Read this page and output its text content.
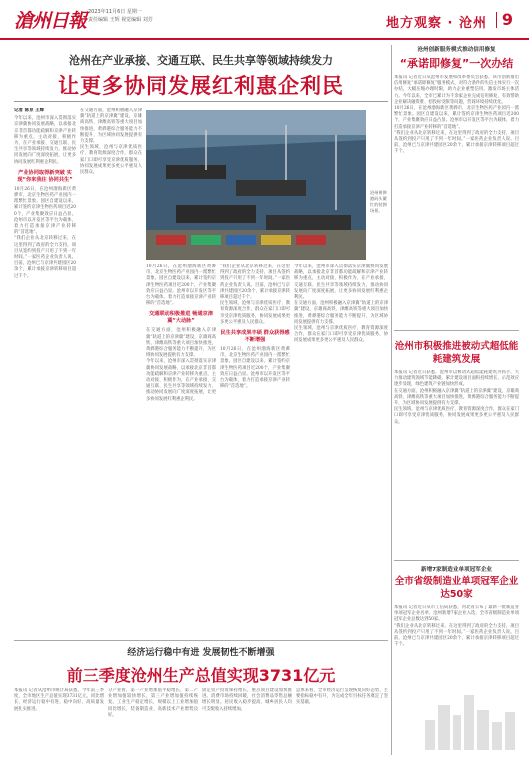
滄州日報 2023年11月6日 星期一
责任编辑 王辉 视觉编辑 刘芳	地方观察 · 沧州 9
沧州在产业承接、交通互联、民生共享等领域持续发力
让更多协同发展红利惠企利民
记者 陈京 王辉

今年以来，沧州市深入贯彻落实京津冀协同发展战略，以承接北京非首都功能疏解和京津产业转移为重点，主动对接、积极作为，在产业承接、交通互联、民生共享等领域持续发力，推动协同发展向广度深度拓展，让更多协同发展红利惠企利民。

产业协同取得新突破 实现“你来我往 协同共生”

10月26日，在沧州渤海新区黄骅市，北京生物医药产业园内一派繁忙景象。园区自建设以来，累计签约京津生物医药项目近200个，产业集聚效应日益凸显。沧州市以开发区等平台为载体，着力打造承接京津产业转移的“首选地”。

“我们企业从北京转移过来，在这里得到了政府的全力支持，项目从签约到投产只用了不到一年时间。”一家医药企业负责人说。目前，沧州已与京津共建园区20余个，累计承接京津转移项目超过千个。

在交通方面，沧州积极融入京津冀“轨道上的京津冀”建设，京雄商高铁、津潍高铁等重大项目加快推进，黄骅港综合服务能力不断提升，为区域协同发展提供有力支撑。

民生领域，沧州与京津优质医疗、教育资源深度合作，群众在家门口即可享受京津优质服务，协同发展成果更多更公平惠及人民群众。

沧州黄骅港码头繁忙的装卸场景。

10月26日，在沧州渤海新区黄骅市，北京生物医药产业园内一派繁忙景象。园区自建设以来，累计签约京津生物医药项目近200个，产业集聚效应日益凸显。沧州市以开发区等平台为载体，着力打造承接京津产业转移的“首选地”。

交通联动积极推进 畅通京津冀“大动脉”

在交通方面，沧州积极融入京津冀“轨道上的京津冀”建设，京雄商高铁、津潍高铁等重大项目加快推进，黄骅港综合服务能力不断提升，为区域协同发展提供有力支撑。

今年以来，沧州市深入贯彻落实京津冀协同发展战略，以承接北京非首都功能疏解和京津产业转移为重点，主动对接、积极作为，在产业承接、交通互联、民生共享等领域持续发力，推动协同发展向广度深度拓展，让更多协同发展红利惠企利民。

“我们企业从北京转移过来，在这里得到了政府的全力支持，项目从签约到投产只用了不到一年时间。”一家医药企业负责人说。目前，沧州已与京津共建园区20余个，累计承接京津转移项目超过千个。

民生领域，沧州与京津优质医疗、教育资源深度合作，群众在家门口即可享受京津优质服务，协同发展成果更多更公平惠及人民群众。

民生共享成果丰硕 群众获得感不断增强

10月26日，在沧州渤海新区黄骅市，北京生物医药产业园内一派繁忙景象。园区自建设以来，累计签约京津生物医药项目近200个，产业集聚效应日益凸显。沧州市以开发区等平台为载体，着力打造承接京津产业转移的“首选地”。

今年以来，沧州市深入贯彻落实京津冀协同发展战略，以承接北京非首都功能疏解和京津产业转移为重点，主动对接、积极作为，在产业承接、交通互联、民生共享等领域持续发力，推动协同发展向广度深度拓展，让更多协同发展红利惠企利民。

在交通方面，沧州积极融入京津冀“轨道上的京津冀”建设，京雄商高铁、津潍高铁等重大项目加快推进，黄骅港综合服务能力不断提升，为区域协同发展提供有力支撑。

民生领域，沧州与京津优质医疗、教育资源深度合作，群众在家门口即可享受京津优质服务，协同发展成果更多更公平惠及人民群众。

沧州创新服务模式推动信用修复
“承诺即修复”一次办结

本报讯 记者近日从沧州市发展和改革委员会获悉，该市创新推出信用修复“承诺即修复”服务模式，对符合条件的失信主体实行一次办结，大幅压缩办理时限，助力企业重塑信用，激发市场主体活力。今年以来，全市已累计为千余家企业完成信用修复，有效帮助企业解决融资难、招投标受限等问题，营商环境持续优化。

10月26日，在沧州渤海新区黄骅市，北京生物医药产业园内一派繁忙景象。园区自建设以来，累计签约京津生物医药项目近200个，产业集聚效应日益凸显。沧州市以开发区等平台为载体，着力打造承接京津产业转移的“首选地”。

“我们企业从北京转移过来，在这里得到了政府的全力支持，项目从签约到投产只用了不到一年时间。”一家医药企业负责人说。目前，沧州已与京津共建园区20余个，累计承接京津转移项目超过千个。

沧州市积极推进被动式超低能耗建筑发展

本报讯 记者近日获悉，沧州市以被动式超低能耗建筑为抓手，大力推动建筑领域节能降碳，累计建设项目面积持续增长，示范效应逐步显现，绿色建筑产业链加快形成。

在交通方面，沧州积极融入京津冀“轨道上的京津冀”建设，京雄商高铁、津潍高铁等重大项目加快推进，黄骅港综合服务能力不断提升，为区域协同发展提供有力支撑。

民生领域，沧州与京津优质医疗、教育资源深度合作，群众在家门口即可享受京津优质服务，协同发展成果更多更公平惠及人民群众。

新增7家制造业单项冠军企业
全市省级制造业单项冠军企业达50家

本报讯 记者近日从市工信局获悉，河北省公布了最新一批制造业单项冠军企业名单，沧州新增7家企业入选，全市省级制造业单项冠军企业总数达到50家。

“我们企业从北京转移过来，在这里得到了政府的全力支持，项目从签约到投产只用了不到一年时间。”一家医药企业负责人说。目前，沧州已与京津共建园区20余个，累计承接京津转移项目超过千个。

经济运行稳中有进 发展韧性不断增强
前三季度沧州生产总值实现3731亿元

本报讯 记者从沧州市统计局获悉，今年前三季度，全市地区生产总值实现3731亿元，同比增长，经济运行稳中有进、稳中向好，高质量发展扎实推进。

分产业看，第一产业增加值平稳增长，第二产业增加值较快增长，第三产业增加值持续恢复。工业生产稳定增长，规模以上工业增加值同比增长，装备制造业、高新技术产业增势良好。

固定资产投资保持增长，重点项目建设加快推进。消费市场持续回暖，社会消费品零售总额增长明显。居民收入稳步提高，城乡居民人均可支配收入持续增加。

总体来看，全市经济运行呈现恢复向好态势，主要指标稳中有升，为完成全年目标任务奠定了坚实基础。
